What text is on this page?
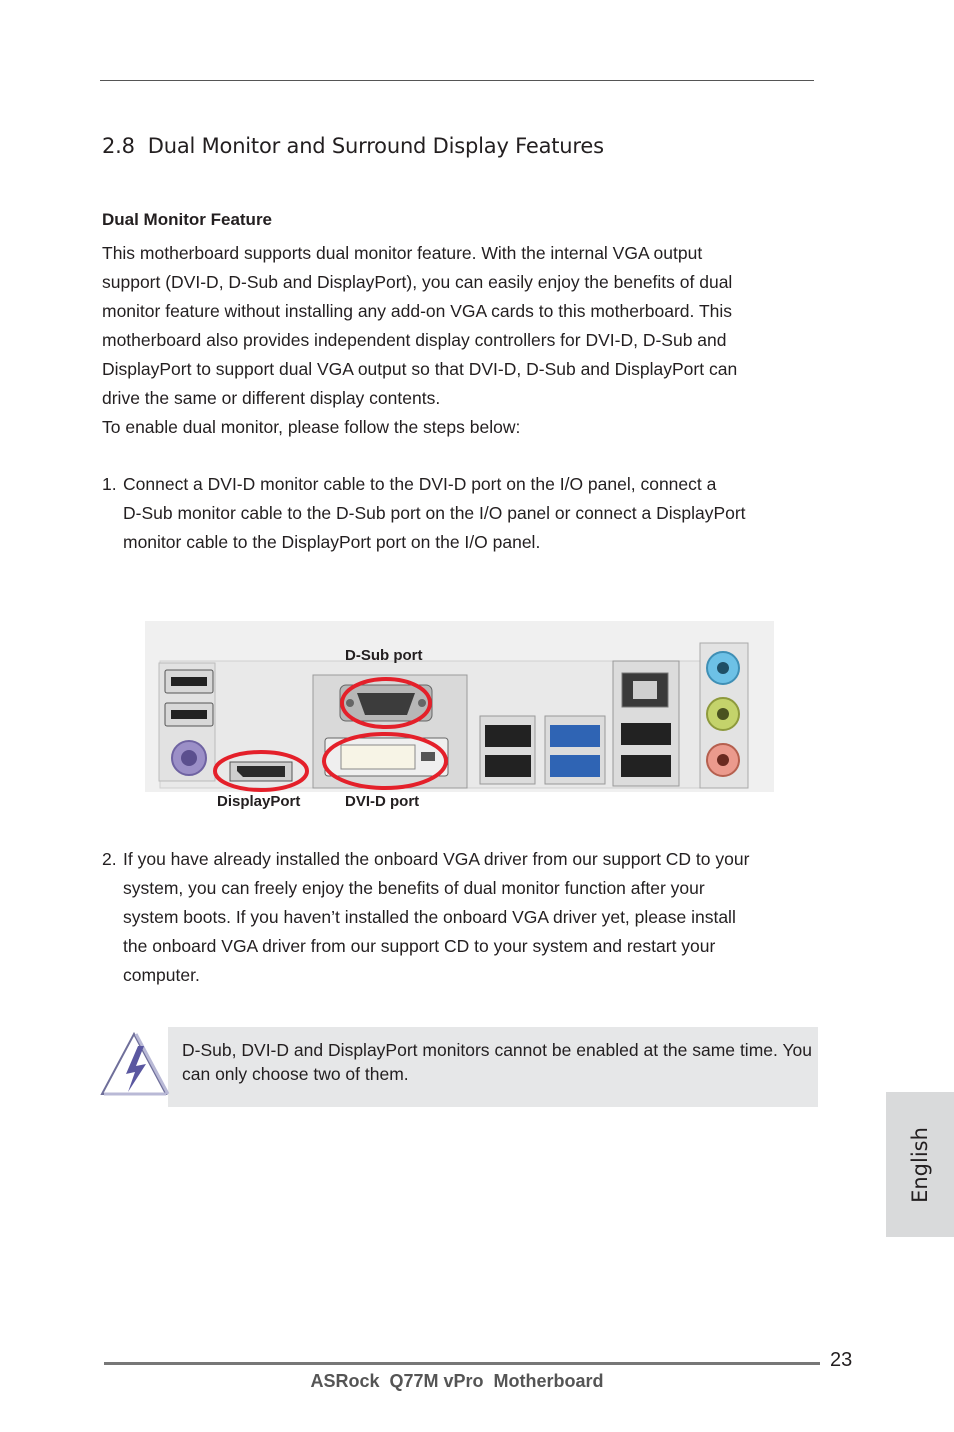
2.8 Dual Monitor and Surround Display Features
Dual Monitor Feature
This motherboard supports dual monitor feature. With the internal VGA output
support (DVI-D, D-Sub and DisplayPort), you can easily enjoy the benefits of dual
monitor feature without installing any add-on VGA cards to this motherboard. This
motherboard also provides independent display controllers for DVI-D, D-Sub and
DisplayPort to support dual VGA output so that DVI-D, D-Sub and DisplayPort can
drive the same or different display contents.
To enable dual monitor, please follow the steps below:
1. Connect a DVI-D monitor cable to the DVI-D port on the I/O panel, connect a
D-Sub monitor cable to the D-Sub port on the I/O panel or connect a DisplayPort
monitor cable to the DisplayPort port on the I/O panel.
D-Sub port
DisplayPort	DVI-D port
2. If you have already installed the onboard VGA driver from our support CD to your
system, you can freely enjoy the benefits of dual monitor function after your
system boots. If you haven’t installed the onboard VGA driver yet, please install
the onboard VGA driver from our support CD to your system and restart your
computer.
D-Sub, DVI-D and DisplayPort monitors cannot be enabled at the same time. You can only choose two of them.
English
23
ASRock  Q77M vPro  Motherboard
